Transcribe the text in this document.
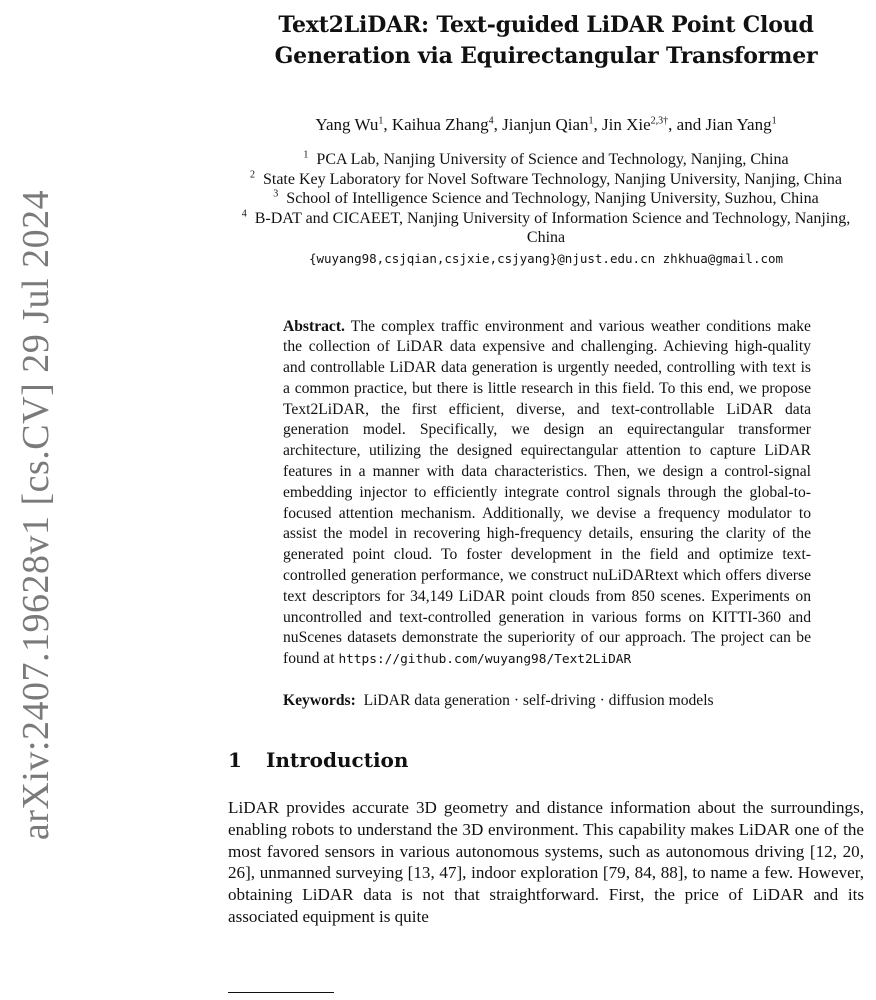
arXiv:2407.19628v1 [cs.CV] 29 Jul 2024
Text2LiDAR: Text-guided LiDAR Point Cloud
Generation via Equirectangular Transformer
Yang Wu$^1$, Kaihua Zhang$^4$, Jianjun Qian$^1$, Jin Xie$^{2,3\dagger}$, and Jian Yang$^1$
$^1$ PCA Lab, Nanjing University of Science and Technology, Nanjing, China
$^2$ State Key Laboratory for Novel Software Technology, Nanjing University, Nanjing, China
$^3$ School of Intelligence Science and Technology, Nanjing University, Suzhou, China
$^4$ B-DAT and CICAEET, Nanjing University of Information Science and Technology, Nanjing, China
{wuyang98,csjqian,csjxie,csjyang}@njust.edu.cn zhkhua@gmail.com
Abstract. The complex traffic environment and various weather conditions make the collection of LiDAR data expensive and challenging. Achieving high-quality and controllable LiDAR data generation is urgently needed, controlling with text is a common practice, but there is little research in this field. To this end, we propose Text2LiDAR, the first efficient, diverse, and text-controllable LiDAR data generation model. Specifically, we design an equirectangular transformer architecture, utilizing the designed equirectangular attention to capture LiDAR features in a manner with data characteristics. Then, we design a control-signal embedding injector to efficiently integrate control signals through the global-to-focused attention mechanism. Additionally, we devise a frequency modulator to assist the model in recovering high-frequency details, ensuring the clarity of the generated point cloud. To foster development in the field and optimize text-controlled generation performance, we construct nuLiDARtext which offers diverse text descriptors for 34,149 LiDAR point clouds from 850 scenes. Experiments on uncontrolled and text-controlled generation in various forms on KITTI-360 and nuScenes datasets demonstrate the superiority of our approach. The project can be found at https://github.com/wuyang98/Text2LiDAR
Keywords: LiDAR data generation · self-driving · diffusion models
1 Introduction
LiDAR provides accurate 3D geometry and distance information about the surroundings, enabling robots to understand the 3D environment. This capability makes LiDAR one of the most favored sensors in various autonomous systems, such as autonomous driving [12, 20, 26], unmanned surveying [13, 47], indoor exploration [79, 84, 88], to name a few. However, obtaining LiDAR data is not that straightforward. First, the price of LiDAR and its associated equipment is quite
